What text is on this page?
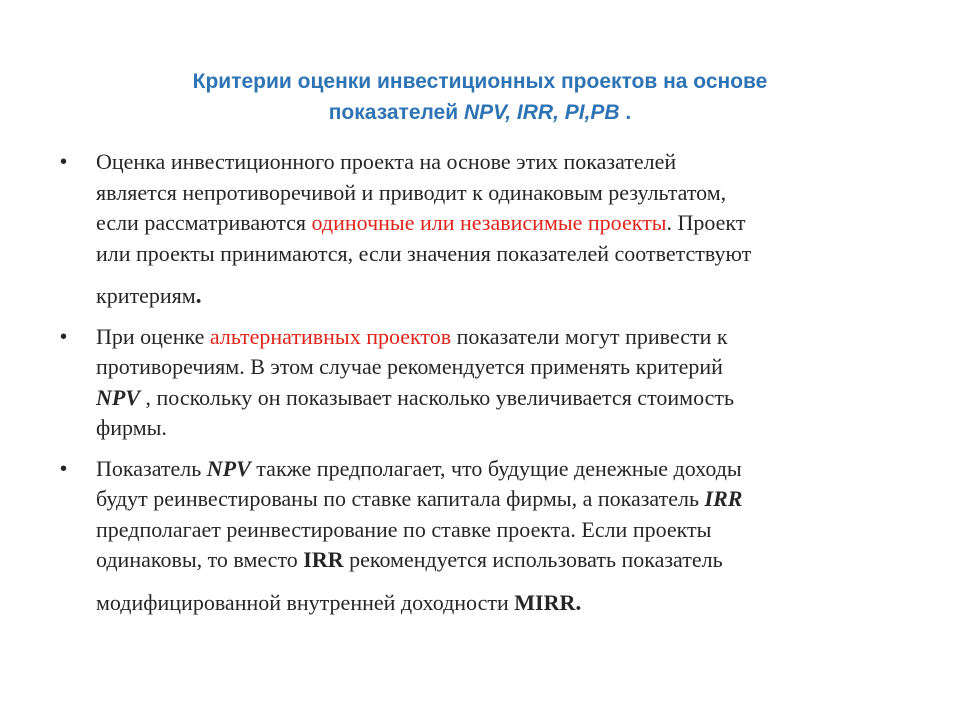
Критерии оценки инвестиционных проектов на основе
показателей NPV, IRR, PI,PB .
• Оценка инвестиционного проекта на основе этих показателей
является непротиворечивой и приводит к одинаковым результатом,
если рассматриваются одиночные или независимые проекты. Проект
или проекты принимаются, если значения показателей соответствуют
критериям.
• При оценке альтернативных проектов показатели могут привести к
противоречиям. В этом случае рекомендуется применять критерий
NPV , поскольку он показывает насколько увеличивается стоимость
фирмы.
• Показатель NPV также предполагает, что будущие денежные доходы
будут реинвестированы по ставке капитала фирмы, а показатель IRR
предполагает реинвестирование по ставке проекта. Если проекты
одинаковы, то вместо IRR рекомендуется использовать показатель
модифицированной внутренней доходности MIRR.
